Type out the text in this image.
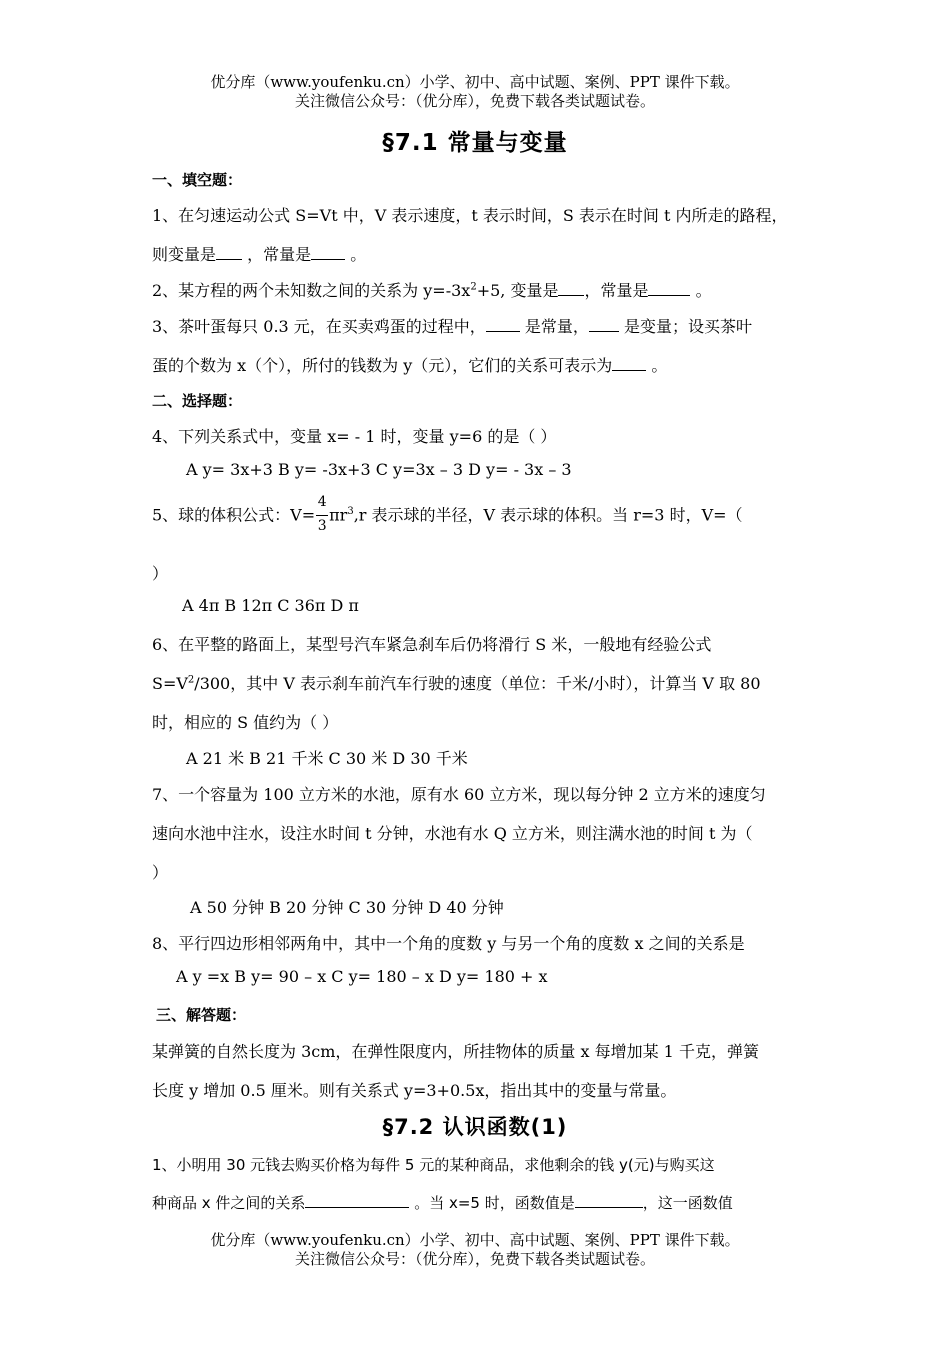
优分库（www.youfenku.cn）小学、初中、高中试题、案例、PPT 课件下载。
关注微信公众号：（优分库），免费下载各类试题试卷。
§7.1 常量与变量
一、填空题：
1、在匀速运动公式 S=Vt 中，V 表示速度，t 表示时间，S 表示在时间 t 内所走的路程，
则变量是 ，常量是 。
2、某方程的两个未知数之间的关系为 $y=-3x^2+5$, 变量是 ，常量是	。
3、茶叶蛋每只 0.3 元，在买卖鸡蛋的过程中， 是常量， 是变量；设买茶叶
蛋的个数为 x（个），所付的钱数为 y（元），它们的关系可表示为 。
二、选择题：
4、下列关系式中，变量 x= - 1 时，变量 y=6 的是（ ）
A y= 3x+3 B y= -3x+3 C y=3x – 3 D y= - 3x – 3
5、球的体积公式：$V= \frac{4}{3} \pi r^3,r$ 表示球的半径，V 表示球的体积。当 r=3 时，V=（
）
A 4π B 12π C 36π D π
6、在平整的路面上，某型号汽车紧急刹车后仍将滑行 S 米，一般地有经验公式
$S=V^2/300$，其中 V 表示刹车前汽车行驶的速度（单位：千米/小时），计算当 V 取 80
时，相应的 S 值约为（ ）
A 21 米 B 21 千米 C 30 米 D 30 千米
7、一个容量为 100 立方米的水池，原有水 60 立方米，现以每分钟 2 立方米的速度匀
速向水池中注水，设注水时间 t 分钟，水池有水 Q 立方米，则注满水池的时间 t 为（
）
A 50 分钟 B 20 分钟 C 30 分钟 D 40 分钟
8、平行四边形相邻两角中，其中一个角的度数 y 与另一个角的度数 x 之间的关系是
A y =x B y= 90 – x C y= 180 – x D y= 180 + x
三、解答题：
某弹簧的自然长度为 3cm，在弹性限度内，所挂物体的质量 x 每增加某 1 千克，弹簧
长度 y 增加 0.5 厘米。则有关系式 y=3+0.5x，指出其中的变量与常量。
§7.2 认识函数(1)
1、小明用 30 元钱去购买价格为每件 5 元的某种商品，求他剩余的钱 y(元)与购买这
种商品 x 件之间的关系	。当 x=5 时，函数值是	，这一函数值
优分库（www.youfenku.cn）小学、初中、高中试题、案例、PPT 课件下载。
关注微信公众号：（优分库），免费下载各类试题试卷。
